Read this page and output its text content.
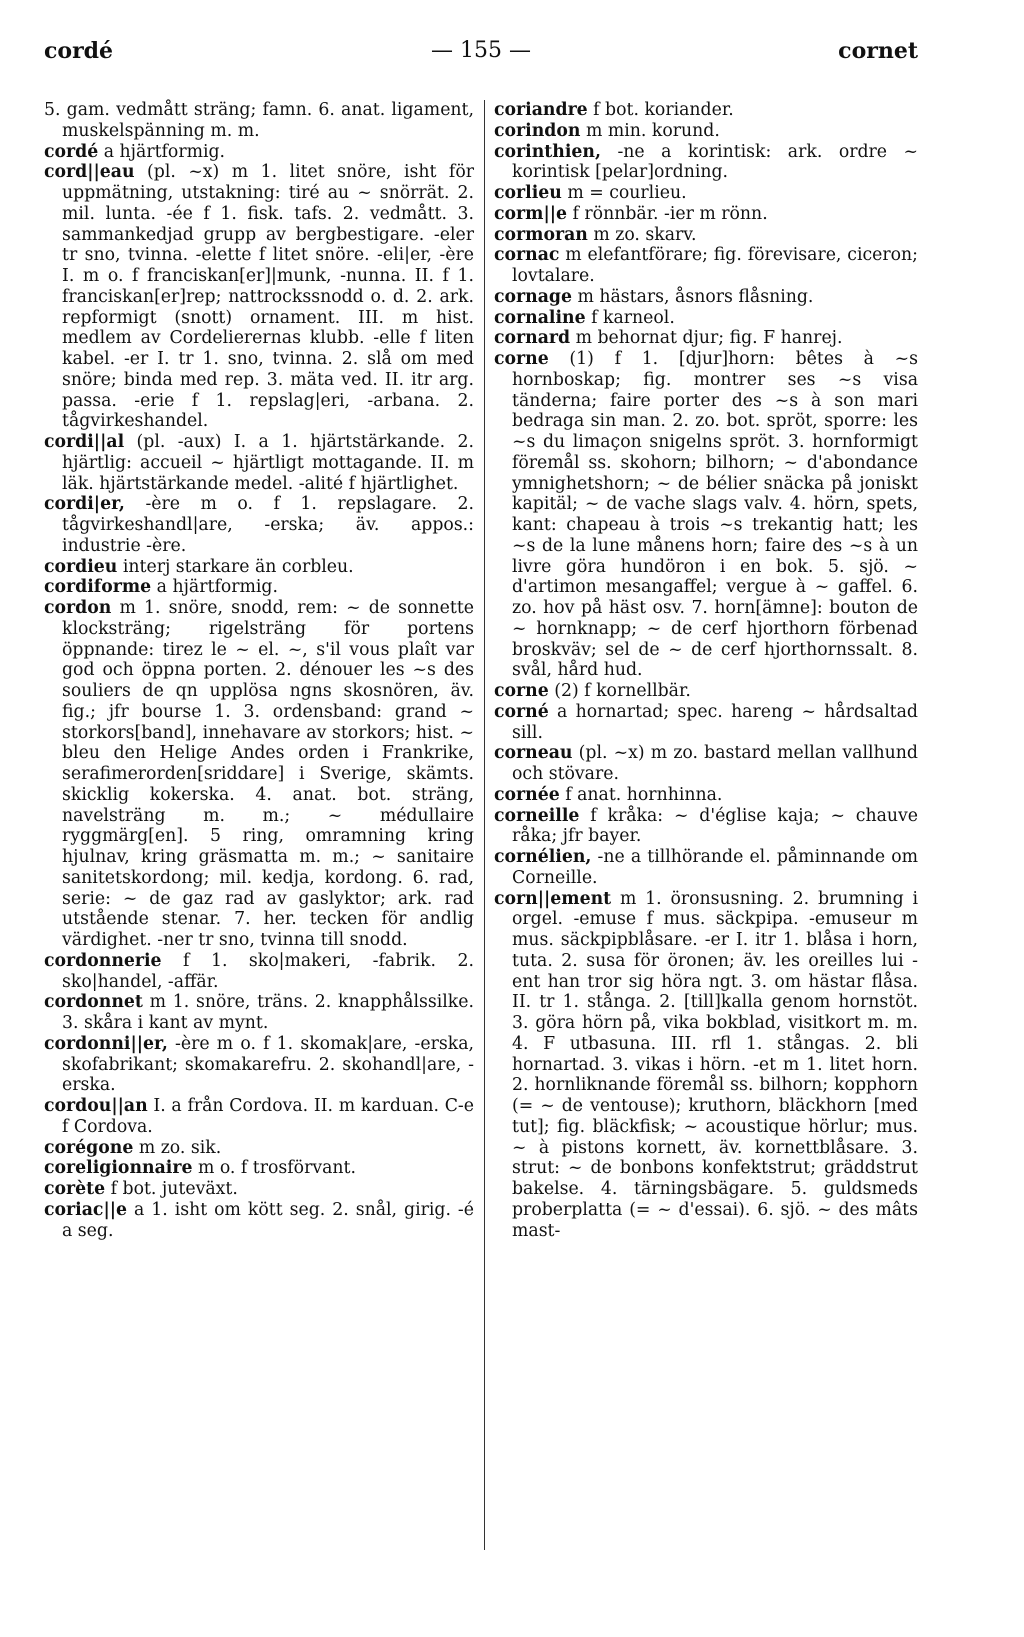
cordé	— 155 —	cornet

5. gam. vedmått sträng; famn. 6. anat. ligament, muskelspänning m. m.

cordé a hjärtformig.

cord||eau (pl. ~x) m 1. litet snöre, isht för uppmätning, utstakning: tiré au ~ snörrät. 2. mil. lunta. -ée f 1. fisk. tafs. 2. vedmått. 3. sammankedjad grupp av bergbestigare. -eler tr sno, tvinna. -elette f litet snöre. -eli|er, -ère I. m o. f franciskan[er]|munk, -nunna. II. f 1. franciskan[er]rep; nattrockssnodd o. d. 2. ark. repformigt (snott) ornament. III. m hist. medlem av Cordelierernas klubb. -elle f liten kabel. -er I. tr 1. sno, tvinna. 2. slå om med snöre; binda med rep. 3. mäta ved. II. itr arg. passa. -erie f 1. repslag|eri, -arbana. 2. tågvirkeshandel.

cordi||al (pl. -aux) I. a 1. hjärtstärkande. 2. hjärtlig: accueil ~ hjärtligt mottagande. II. m läk. hjärtstärkande medel. -alité f hjärtlighet.

cordi|er, -ère m o. f 1. repslagare. 2. tågvirkeshandl|are, -erska; äv. appos.: industrie -ère.

cordieu interj starkare än corbleu.

cordiforme a hjärtformig.

cordon m 1. snöre, snodd, rem: ~ de sonnette klocksträng; rigelsträng för portens öppnande: tirez le ~ el. ~, s'il vous plaît var god och öppna porten. 2. dénouer les ~s des souliers de qn upplösa ngns skosnören, äv. fig.; jfr bourse 1. 3. ordensband: grand ~ storkors[band], innehavare av storkors; hist. ~ bleu den Helige Andes orden i Frankrike, serafimerorden[sriddare] i Sverige, skämts. skicklig kokerska. 4. anat. bot. sträng, navelsträng m. m.; ~ médullaire ryggmärg[en]. 5 ring, omramning kring hjulnav, kring gräsmatta m. m.; ~ sanitaire sanitetskordong; mil. kedja, kordong. 6. rad, serie: ~ de gaz rad av gaslyktor; ark. rad utstående stenar. 7. her. tecken för andlig värdighet. -ner tr sno, tvinna till snodd.

cordonnerie f 1. sko|makeri, -fabrik. 2. sko|handel, -affär.

cordonnet m 1. snöre, träns. 2. knapphålssilke. 3. skåra i kant av mynt.

cordonni||er, -ère m o. f 1. skomak|are, -erska, skofabrikant; skomakarefru. 2. skohandl|are, -erska.

cordou||an I. a från Cordova. II. m karduan. C-e f Cordova.

corégone m zo. sik.

coreligionnaire m o. f trosförvant.

corète f bot. juteväxt.

coriac||e a 1. isht om kött seg. 2. snål, girig. -é a seg.

coriandre f bot. koriander.

corindon m min. korund.

corinthien, -ne a korintisk: ark. ordre ~ korintisk [pelar]ordning.

corlieu m = courlieu.

corm||e f rönnbär. -ier m rönn.

cormoran m zo. skarv.

cornac m elefantförare; fig. förevisare, ciceron; lovtalare.

cornage m hästars, åsnors flåsning.

cornaline f karneol.

cornard m behornat djur; fig. F hanrej.

corne (1) f 1. [djur]horn: bêtes à ~s hornboskap; fig. montrer ses ~s visa tänderna; faire porter des ~s à son mari bedraga sin man. 2. zo. bot. spröt, sporre: les ~s du limaçon snigelns spröt. 3. hornformigt föremål ss. skohorn; bilhorn; ~ d'abondance ymnighetshorn; ~ de bélier snäcka på joniskt kapitäl; ~ de vache slags valv. 4. hörn, spets, kant: chapeau à trois ~s trekantig hatt; les ~s de la lune månens horn; faire des ~s à un livre göra hundöron i en bok. 5. sjö. ~ d'artimon mesangaffel; vergue à ~ gaffel. 6. zo. hov på häst osv. 7. horn[ämne]: bouton de ~ hornknapp; ~ de cerf hjorthorn förbenad broskväv; sel de ~ de cerf hjorthornssalt. 8. svål, hård hud.

corne (2) f kornellbär.

corné a hornartad; spec. hareng ~ hårdsaltad sill.

corneau (pl. ~x) m zo. bastard mellan vallhund och stövare.

cornée f anat. hornhinna.

corneille f kråka: ~ d'église kaja; ~ chauve råka; jfr bayer.

cornélien, -ne a tillhörande el. påminnande om Corneille.

corn||ement m 1. öronsusning. 2. brumning i orgel. -emuse f mus. säckpipa. -emuseur m mus. säckpipblåsare. -er I. itr 1. blåsa i horn, tuta. 2. susa för öronen; äv. les oreilles lui -ent han tror sig höra ngt. 3. om hästar flåsa. II. tr 1. stånga. 2. [till]kalla genom hornstöt. 3. göra hörn på, vika bokblad, visitkort m. m. 4. F utbasuna. III. rfl 1. stångas. 2. bli hornartad. 3. vikas i hörn. -et m 1. litet horn. 2. hornliknande föremål ss. bilhorn; kopphorn (= ~ de ventouse); kruthorn, bläckhorn [med tut]; fig. bläckfisk; ~ acoustique hörlur; mus. ~ à pistons kornett, äv. kornettblåsare. 3. strut: ~ de bonbons konfektstrut; gräddstrut bakelse. 4. tärningsbägare. 5. guldsmeds proberplatta (= ~ d'essai). 6. sjö. ~ des mâts mast-
